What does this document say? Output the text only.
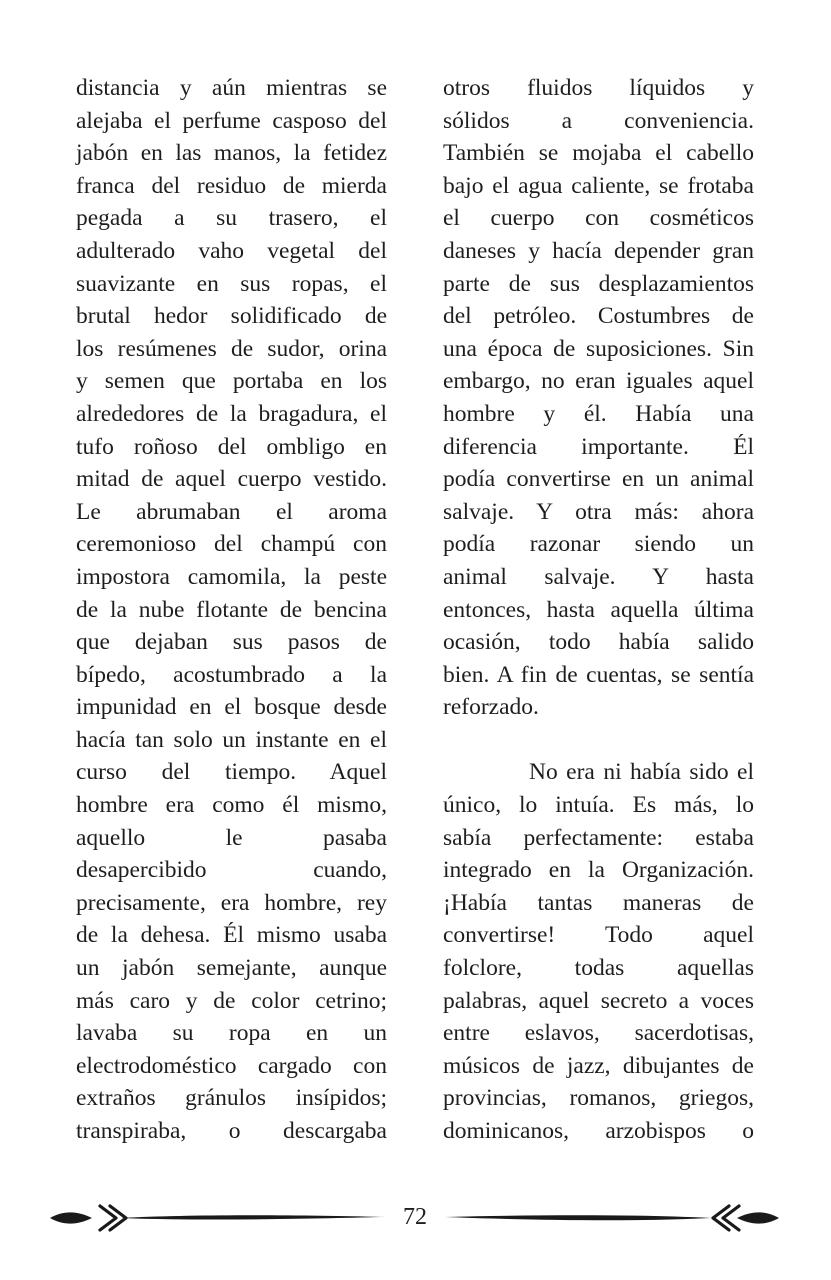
distancia y aún mientras se
alejaba el perfume casposo del
jabón en las manos, la fetidez
franca del residuo de mierda
pegada a su trasero, el
adulterado vaho vegetal del
suavizante en sus ropas, el
brutal hedor solidificado de
los resúmenes de sudor, orina
y semen que portaba en los
alrededores de la bragadura, el
tufo roñoso del ombligo en
mitad de aquel cuerpo vestido.
Le abrumaban el aroma
ceremonioso del champú con
impostora camomila, la peste
de la nube flotante de bencina
que dejaban sus pasos de
bípedo, acostumbrado a la
impunidad en el bosque desde
hacía tan solo un instante en el
curso del tiempo. Aquel
hombre era como él mismo,
aquello le pasaba
desapercibido cuando,
precisamente, era hombre, rey
de la dehesa. Él mismo usaba
un jabón semejante, aunque
más caro y de color cetrino;
lavaba su ropa en un
electrodoméstico cargado con
extraños gránulos insípidos;
transpiraba, o descargaba
otros fluidos líquidos y
sólidos a conveniencia.
También se mojaba el cabello
bajo el agua caliente, se frotaba
el cuerpo con cosméticos
daneses y hacía depender gran
parte de sus desplazamientos
del petróleo. Costumbres de
una época de suposiciones. Sin
embargo, no eran iguales aquel
hombre y él. Había una
diferencia importante. Él
podía convertirse en un animal
salvaje. Y otra más: ahora
podía razonar siendo un
animal salvaje. Y hasta
entonces, hasta aquella última
ocasión, todo había salido
bien. A fin de cuentas, se sentía
reforzado.
No era ni había sido el
único, lo intuía. Es más, lo
sabía perfectamente: estaba
integrado en la Organización.
¡Había tantas maneras de
convertirse! Todo aquel
folclore, todas aquellas
palabras, aquel secreto a voces
entre eslavos, sacerdotisas,
músicos de jazz, dibujantes de
provincias, romanos, griegos,
dominicanos, arzobispos o
72
